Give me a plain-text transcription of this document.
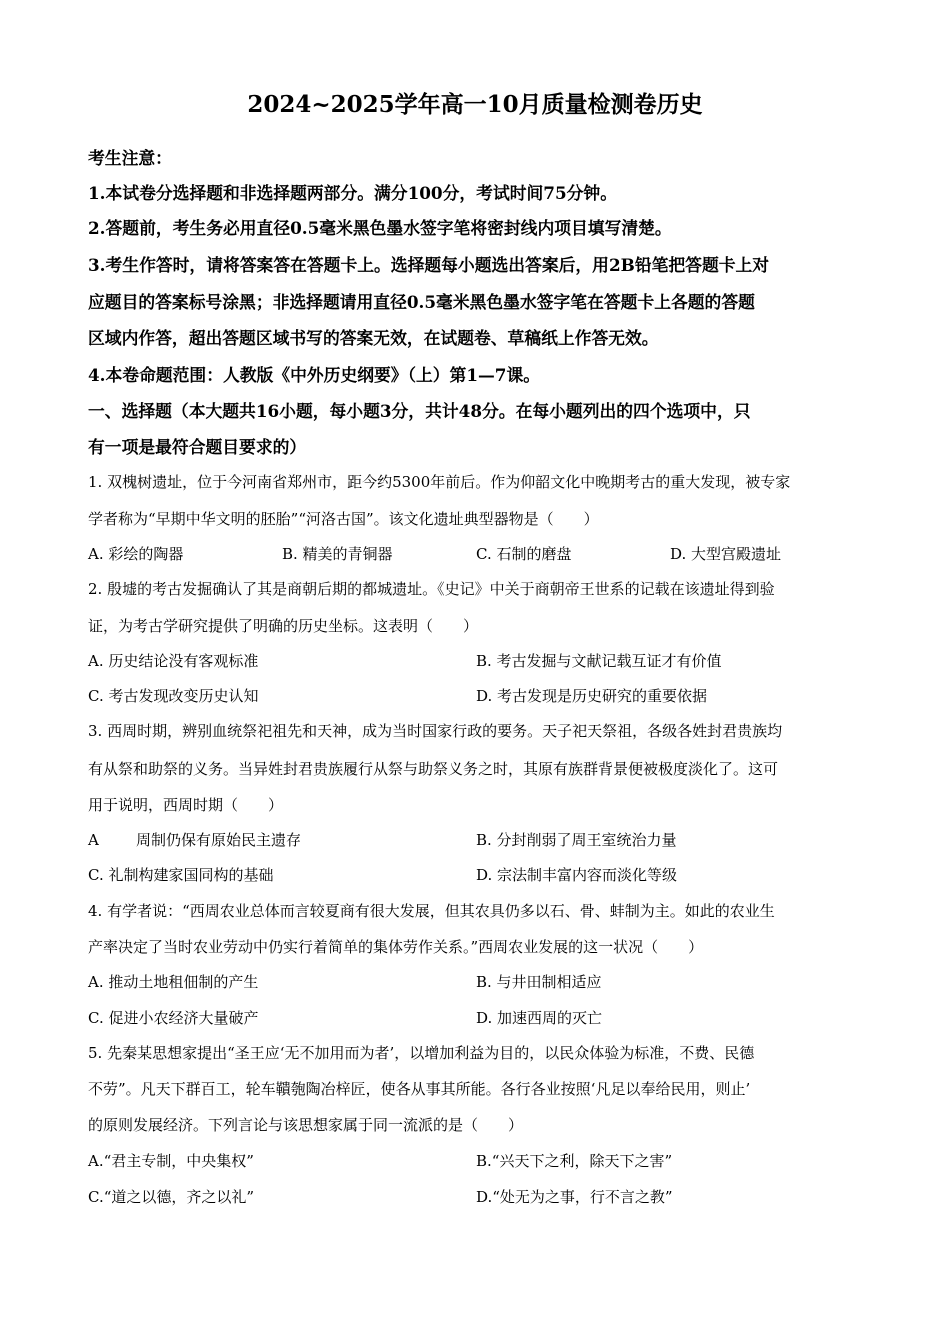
2024~2025学年高一10月质量检测卷历史
考生注意：
1.本试卷分选择题和非选择题两部分。满分100分，考试时间75分钟。
2.答题前，考生务必用直径0.5毫米黑色墨水签字笔将密封线内项目填写清楚。
3.考生作答时，请将答案答在答题卡上。选择题每小题选出答案后，用2B铅笔把答题卡上对
应题目的答案标号涂黑；非选择题请用直径0.5毫米黑色墨水签字笔在答题卡上各题的答题
区域内作答，超出答题区域书写的答案无效，在试题卷、草稿纸上作答无效。
4.本卷命题范围：人教版《中外历史纲要》（上）第1—7课。
一、选择题（本大题共16小题，每小题3分，共计48分。在每小题列出的四个选项中，只
有一项是最符合题目要求的）
1. 双槐树遗址，位于今河南省郑州市，距今约5300年前后。作为仰韶文化中晚期考古的重大发现，被专家
学者称为“早期中华文明的胚胎”“河洛古国”。该文化遗址典型器物是（　　）
A. 彩绘的陶器	B. 精美的青铜器	C. 石制的磨盘	D. 大型宫殿遗址
2. 殷墟的考古发掘确认了其是商朝后期的都城遗址。《史记》中关于商朝帝王世系的记载在该遗址得到验
证，为考古学研究提供了明确的历史坐标。这表明（　　）
A. 历史结论没有客观标准	B. 考古发掘与文献记载互证才有价值
C. 考古发现改变历史认知	D. 考古发现是历史研究的重要依据
3. 西周时期，辨别血统祭祀祖先和天神，成为当时国家行政的要务。天子祀天祭祖，各级各姓封君贵族均
有从祭和助祭的义务。当异姓封君贵族履行从祭与助祭义务之时，其原有族群背景便被极度淡化了。这可
用于说明，西周时期（　　）
A 周制仍保有原始民主遗存	B. 分封削弱了周王室统治力量
C. 礼制构建家国同构的基础	D. 宗法制丰富内容而淡化等级
4. 有学者说：“西周农业总体而言较夏商有很大发展，但其农具仍多以石、骨、蚌制为主。如此的农业生
产率决定了当时农业劳动中仍实行着简单的集体劳作关系。”西周农业发展的这一状况（　　）
A. 推动土地租佃制的产生	B. 与井田制相适应
C. 促进小农经济大量破产	D. 加速西周的灭亡
5. 先秦某思想家提出“圣王应‘无不加用而为者’，以增加利益为目的，以民众体验为标准，不费、民德
不劳”。凡天下群百工，轮车鞼匏陶冶梓匠，使各从事其所能。各行各业按照‘凡足以奉给民用，则止’
的原则发展经济。下列言论与该思想家属于同一流派的是（　　）
A.“君主专制，中央集权”	B.“兴天下之利，除天下之害”
C.“道之以德，齐之以礼”	D.“处无为之事，行不言之教”
